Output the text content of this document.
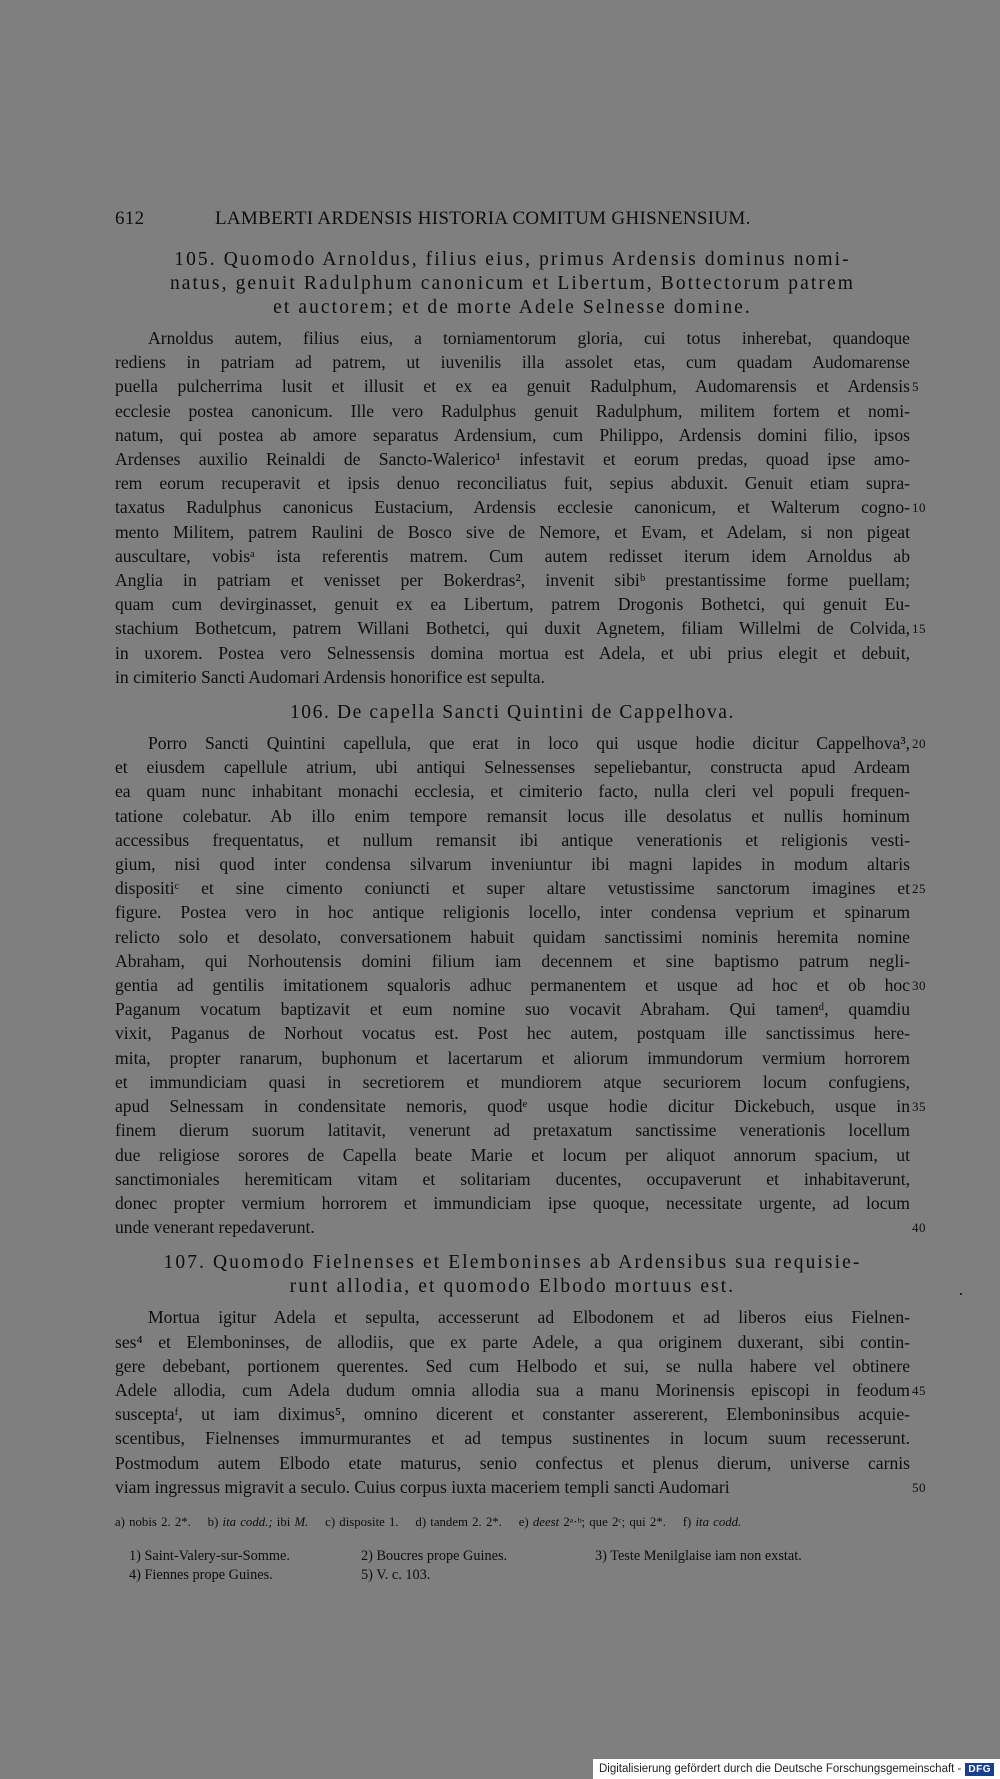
612	LAMBERTI ARDENSIS HISTORIA COMITUM GHISNENSIUM.
105. Quomodo Arnoldus, filius eius, primus Ardensis dominus nomi-
natus, genuit Radulphum canonicum et Libertum, Bottectorum patrem
et auctorem; et de morte Adele Selnesse domine.
Arnoldus autem, filius eius, a torniamentorum gloria, cui totus inherebat, quandoque
rediens in patriam ad patrem, ut iuvenilis illa assolet etas, cum quadam Audomarense
puella pulcherrima lusit et illusit et ex ea genuit Radulphum, Audomarensis et Ardensis 5
ecclesie postea canonicum. Ille vero Radulphus genuit Radulphum, militem fortem et nomi-
natum, qui postea ab amore separatus Ardensium, cum Philippo, Ardensis domini filio, ipsos
Ardenses auxilio Reinaldi de Sancto-Walerico¹ infestavit et eorum predas, quoad ipse amo-
rem eorum recuperavit et ipsis denuo reconciliatus fuit, sepius abduxit. Genuit etiam supra-
taxatus Radulphus canonicus Eustacium, Ardensis ecclesie canonicum, et Walterum cogno- 10
mento Militem, patrem Raulini de Bosco sive de Nemore, et Evam, et Adelam, si non pigeat
auscultare, vobisᵃ ista referentis matrem. Cum autem redisset iterum idem Arnoldus ab
Anglia in patriam et venisset per Bokerdras², invenit sibiᵇ prestantissime forme puellam;
quam cum devirginasset, genuit ex ea Libertum, patrem Drogonis Bothetci, qui genuit Eu-
stachium Bothetcum, patrem Willani Bothetci, qui duxit Agnetem, filiam Willelmi de Colvida, 15
in uxorem. Postea vero Selnessensis domina mortua est Adela, et ubi prius elegit et debuit,
in cimiterio Sancti Audomari Ardensis honorifice est sepulta.
106. De capella Sancti Quintini de Cappelhova.
Porro Sancti Quintini capellula, que erat in loco qui usque hodie dicitur Cappelhova³, 20
et eiusdem capellule atrium, ubi antiqui Selnessenses sepeliebantur, constructa apud Ardeam
ea quam nunc inhabitant monachi ecclesia, et cimiterio facto, nulla cleri vel populi frequen-
tatione colebatur. Ab illo enim tempore remansit locus ille desolatus et nullis hominum
accessibus frequentatus, et nullum remansit ibi antique venerationis et religionis vesti-
gium, nisi quod inter condensa silvarum inveniuntur ibi magni lapides in modum altaris
dispositiᶜ et sine cimento coniuncti et super altare vetustissime sanctorum imagines et 25
figure. Postea vero in hoc antique religionis locello, inter condensa veprium et spinarum
relicto solo et desolato, conversationem habuit quidam sanctissimi nominis heremita nomine
Abraham, qui Norhoutensis domini filium iam decennem et sine baptismo patrum negli-
gentia ad gentilis imitationem squaloris adhuc permanentem et usque ad hoc et ob hoc 30
Paganum vocatum baptizavit et eum nomine suo vocavit Abraham. Qui tamenᵈ, quamdiu
vixit, Paganus de Norhout vocatus est. Post hec autem, postquam ille sanctissimus here-
mita, propter ranarum, buphonum et lacertarum et aliorum immundorum vermium horrorem
et immundiciam quasi in secretiorem et mundiorem atque securiorem locum confugiens,
apud Selnessam in condensitate nemoris, quodᵉ usque hodie dicitur Dickebuch, usque in 35
finem dierum suorum latitavit, venerunt ad pretaxatum sanctissime venerationis locellum
due religiose sorores de Capella beate Marie et locum per aliquot annorum spacium, ut
sanctimoniales heremiticam vitam et solitariam ducentes, occupaverunt et inhabitaverunt,
donec propter vermium horrorem et immundiciam ipse quoque, necessitate urgente, ad locum
unde venerant repedaverunt.	40
107. Quomodo Fielnenses et Elemboninses ab Ardensibus sua requisie-
runt allodia, et quomodo Elbodo mortuus est.
Mortua igitur Adela et sepulta, accesserunt ad Elbodonem et ad liberos eius Fielnen-
ses⁴ et Elemboninses, de allodiis, que ex parte Adele, a qua originem duxerant, sibi contin-
gere debebant, portionem querentes. Sed cum Helbodo et sui, se nulla habere vel obtinere
Adele allodia, cum Adela dudum omnia allodia sua a manu Morinensis episcopi in feodum 45
susceptaᶠ, ut iam diximus⁵, omnino dicerent et constanter assererent, Elemboninsibus acquie-
scentibus, Fielnenses immurmurantes et ad tempus sustinentes in locum suum recesserunt.
Postmodum autem Elbodo etate maturus, senio confectus et plenus dierum, universe carnis
viam ingressus migravit a seculo. Cuius corpus iuxta maceriem templi sancti Audomari	50
a) nobis 2. 2*. b) ita codd.; ibi M. c) disposite 1. d) tandem 2. 2*. e) deest 2ᵃ·ᵇ; que 2ᶜ; qui 2*. f) ita codd.
1) Saint-Valery-sur-Somme.	2) Boucres prope Guines.	3) Teste Menilglaise iam non exstat.
4) Fiennes prope Guines.	5) V. c. 103.
Digitalisierung gefördert durch die Deutsche Forschungsgemeinschaft - DFG
